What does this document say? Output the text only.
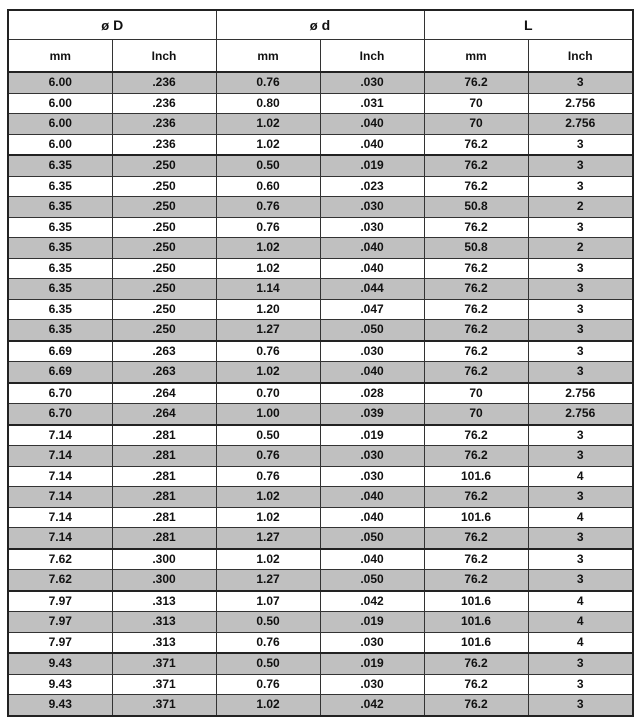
ø D		ø d		L	
mm	Inch	mm	Inch	mm	Inch
6.00	.236	0.76	.030	76.2	3
6.00	.236	0.80	.031	70	2.756
6.00	.236	1.02	.040	70	2.756
6.00	.236	1.02	.040	76.2	3
6.35	.250	0.50	.019	76.2	3
6.35	.250	0.60	.023	76.2	3
6.35	.250	0.76	.030	50.8	2
6.35	.250	0.76	.030	76.2	3
6.35	.250	1.02	.040	50.8	2
6.35	.250	1.02	.040	76.2	3
6.35	.250	1.14	.044	76.2	3
6.35	.250	1.20	.047	76.2	3
6.35	.250	1.27	.050	76.2	3
6.69	.263	0.76	.030	76.2	3
6.69	.263	1.02	.040	76.2	3
6.70	.264	0.70	.028	70	2.756
6.70	.264	1.00	.039	70	2.756
7.14	.281	0.50	.019	76.2	3
7.14	.281	0.76	.030	76.2	3
7.14	.281	0.76	.030	101.6	4
7.14	.281	1.02	.040	76.2	3
7.14	.281	1.02	.040	101.6	4
7.14	.281	1.27	.050	76.2	3
7.62	.300	1.02	.040	76.2	3
7.62	.300	1.27	.050	76.2	3
7.97	.313	1.07	.042	101.6	4
7.97	.313	0.50	.019	101.6	4
7.97	.313	0.76	.030	101.6	4
9.43	.371	0.50	.019	76.2	3
9.43	.371	0.76	.030	76.2	3
9.43	.371	1.02	.042	76.2	3
